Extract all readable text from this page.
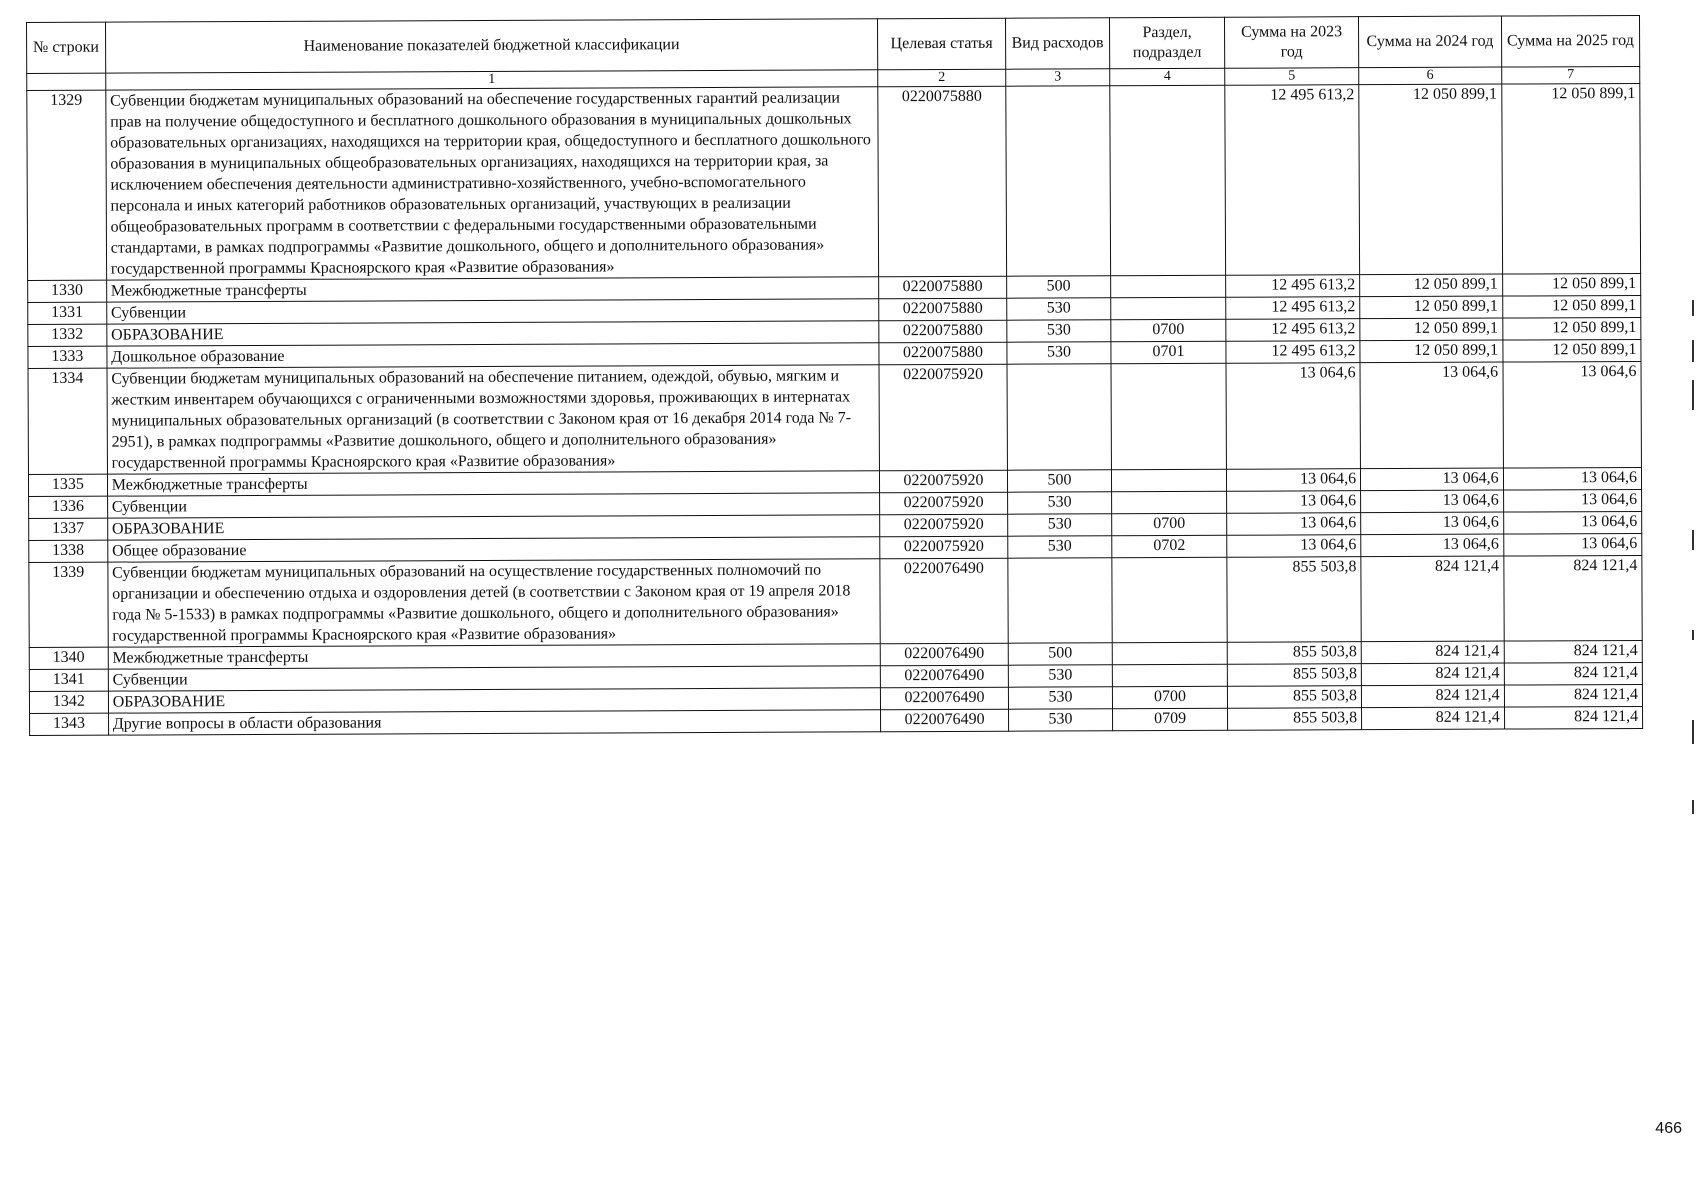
№ строки	Наименование показателей бюджетной классификации	Целевая статья	Вид расходов	Раздел, подраздел	Сумма на 2023 год	Сумма на 2024 год	Сумма на 2025 год
	1	2	3	4	5	6	7
1329	Субвенции бюджетам муниципальных образований на обеспечение государственных гарантий реализации прав на получение общедоступного и бесплатного дошкольного образования в муниципальных дошкольных образовательных организациях, находящихся на территории края, общедоступного и бесплатного дошкольного образования в муниципальных общеобразовательных организациях, находящихся на территории края, за исключением обеспечения деятельности административно-хозяйственного, учебно-вспомогательного персонала и иных категорий работников образовательных организаций, участвующих в реализации общеобразовательных программ в соответствии с федеральными государственными образовательными стандартами, в рамках подпрограммы «Развитие дошкольного, общего и дополнительного образования» государственной программы Красноярского края «Развитие образования»	0220075880			12 495 613,2	12 050 899,1	12 050 899,1
1330	Межбюджетные трансферты	0220075880	500		12 495 613,2	12 050 899,1	12 050 899,1
1331	Субвенции	0220075880	530		12 495 613,2	12 050 899,1	12 050 899,1
1332	ОБРАЗОВАНИЕ	0220075880	530	0700	12 495 613,2	12 050 899,1	12 050 899,1
1333	Дошкольное образование	0220075880	530	0701	12 495 613,2	12 050 899,1	12 050 899,1
1334	Субвенции бюджетам муниципальных образований на обеспечение питанием, одеждой, обувью, мягким и жестким инвентарем обучающихся с ограниченными возможностями здоровья, проживающих в интернатах муниципальных образовательных организаций (в соответствии с Законом края от 16 декабря 2014 года № 7-2951), в рамках подпрограммы «Развитие дошкольного, общего и дополнительного образования» государственной программы Красноярского края «Развитие образования»	0220075920			13 064,6	13 064,6	13 064,6
1335	Межбюджетные трансферты	0220075920	500		13 064,6	13 064,6	13 064,6
1336	Субвенции	0220075920	530		13 064,6	13 064,6	13 064,6
1337	ОБРАЗОВАНИЕ	0220075920	530	0700	13 064,6	13 064,6	13 064,6
1338	Общее образование	0220075920	530	0702	13 064,6	13 064,6	13 064,6
1339	Субвенции бюджетам муниципальных образований на осуществление государственных полномочий по организации и обеспечению отдыха и оздоровления детей (в соответствии с Законом края от 19 апреля 2018 года № 5-1533) в рамках подпрограммы «Развитие дошкольного, общего и дополнительного образования» государственной программы Красноярского края «Развитие образования»	0220076490			855 503,8	824 121,4	824 121,4
1340	Межбюджетные трансферты	0220076490	500		855 503,8	824 121,4	824 121,4
1341	Субвенции	0220076490	530		855 503,8	824 121,4	824 121,4
1342	ОБРАЗОВАНИЕ	0220076490	530	0700	855 503,8	824 121,4	824 121,4
1343	Другие вопросы в области образования	0220076490	530	0709	855 503,8	824 121,4	824 121,4
466
